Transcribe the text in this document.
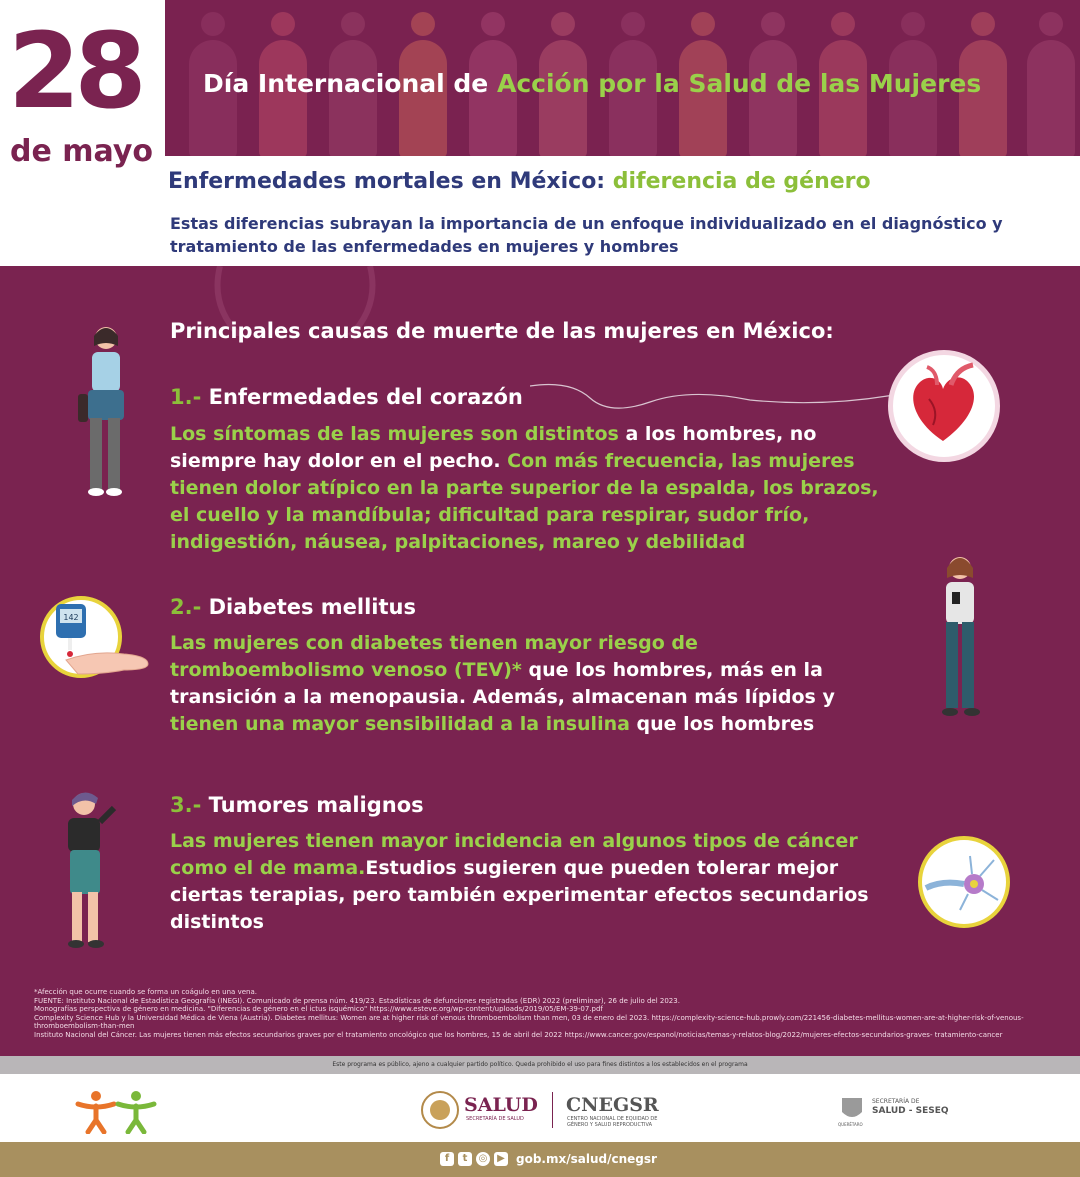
28
de mayo
Día Internacional de Acción por la Salud de las Mujeres
Enfermedades mortales en México: diferencia de género
Estas diferencias subrayan la importancia de un enfoque individualizado en el diagnóstico y tratamiento de las enfermedades en mujeres y hombres
Principales causas de muerte de las mujeres en México:
1.- Enfermedades del corazón
Los síntomas de las mujeres son distintos a los hombres, no siempre hay dolor en el pecho. Con más frecuencia, las mujeres tienen dolor atípico en la parte superior de la espalda, los brazos, el cuello y la mandíbula; dificultad para respirar, sudor frío, indigestión, náusea, palpitaciones, mareo y debilidad
2.- Diabetes mellitus
Las mujeres con diabetes tienen mayor riesgo de tromboembolismo venoso (TEV)* que los hombres, más en la transición a la menopausia. Además, almacenan más lípidos y tienen una mayor sensibilidad a la insulina que los hombres
3.- Tumores malignos
Las mujeres tienen mayor incidencia en algunos tipos de cáncer como el de mama.Estudios sugieren que pueden tolerar mejor ciertas terapias, pero también experimentar efectos secundarios distintos
142
*Afección que ocurre cuando se forma un coágulo en una vena.
FUENTE: Instituto Nacional de Estadística Geografía (INEGI). Comunicado de prensa núm. 419/23. Estadísticas de defunciones registradas (EDR) 2022 (preliminar), 26 de julio del 2023.
Monografías perspectiva de género en medicina. "Diferencias de género en el ictus isquémico" https://www.esteve.org/wp-content/uploads/2019/05/EM-39-07.pdf
Complexity Science Hub y la Universidad Médica de Viena (Austria). Diabetes mellitus: Women are at higher risk of venous thromboembolism than men, 03 de enero del 2023. https://complexity-science-hub.prowly.com/221456-diabetes-mellitus-women-are-at-higher-risk-of-venous-thromboembolism-than-men
Instituto Nacional del Cáncer. Las mujeres tienen más efectos secundarios graves por el tratamiento oncológico que los hombres, 15 de abril del 2022 https://www.cancer.gov/espanol/noticias/temas-y-relatos-blog/2022/mujeres-efectos-secundarios-graves- tratamiento-cancer
Este programa es público, ajeno a cualquier partido político. Queda prohibido el uso para fines distintos a los establecidos en el programa
SALUD
SECRETARÍA DE SALUD
CNEGSR
CENTRO NACIONAL DE EQUIDAD DE
GÉNERO Y SALUD REPRODUCTIVA
SECRETARÍA DE
SALUD - SESEQ
QUERÉTARO
f	t	◎ ▶ gob.mx/salud/cnegsr
